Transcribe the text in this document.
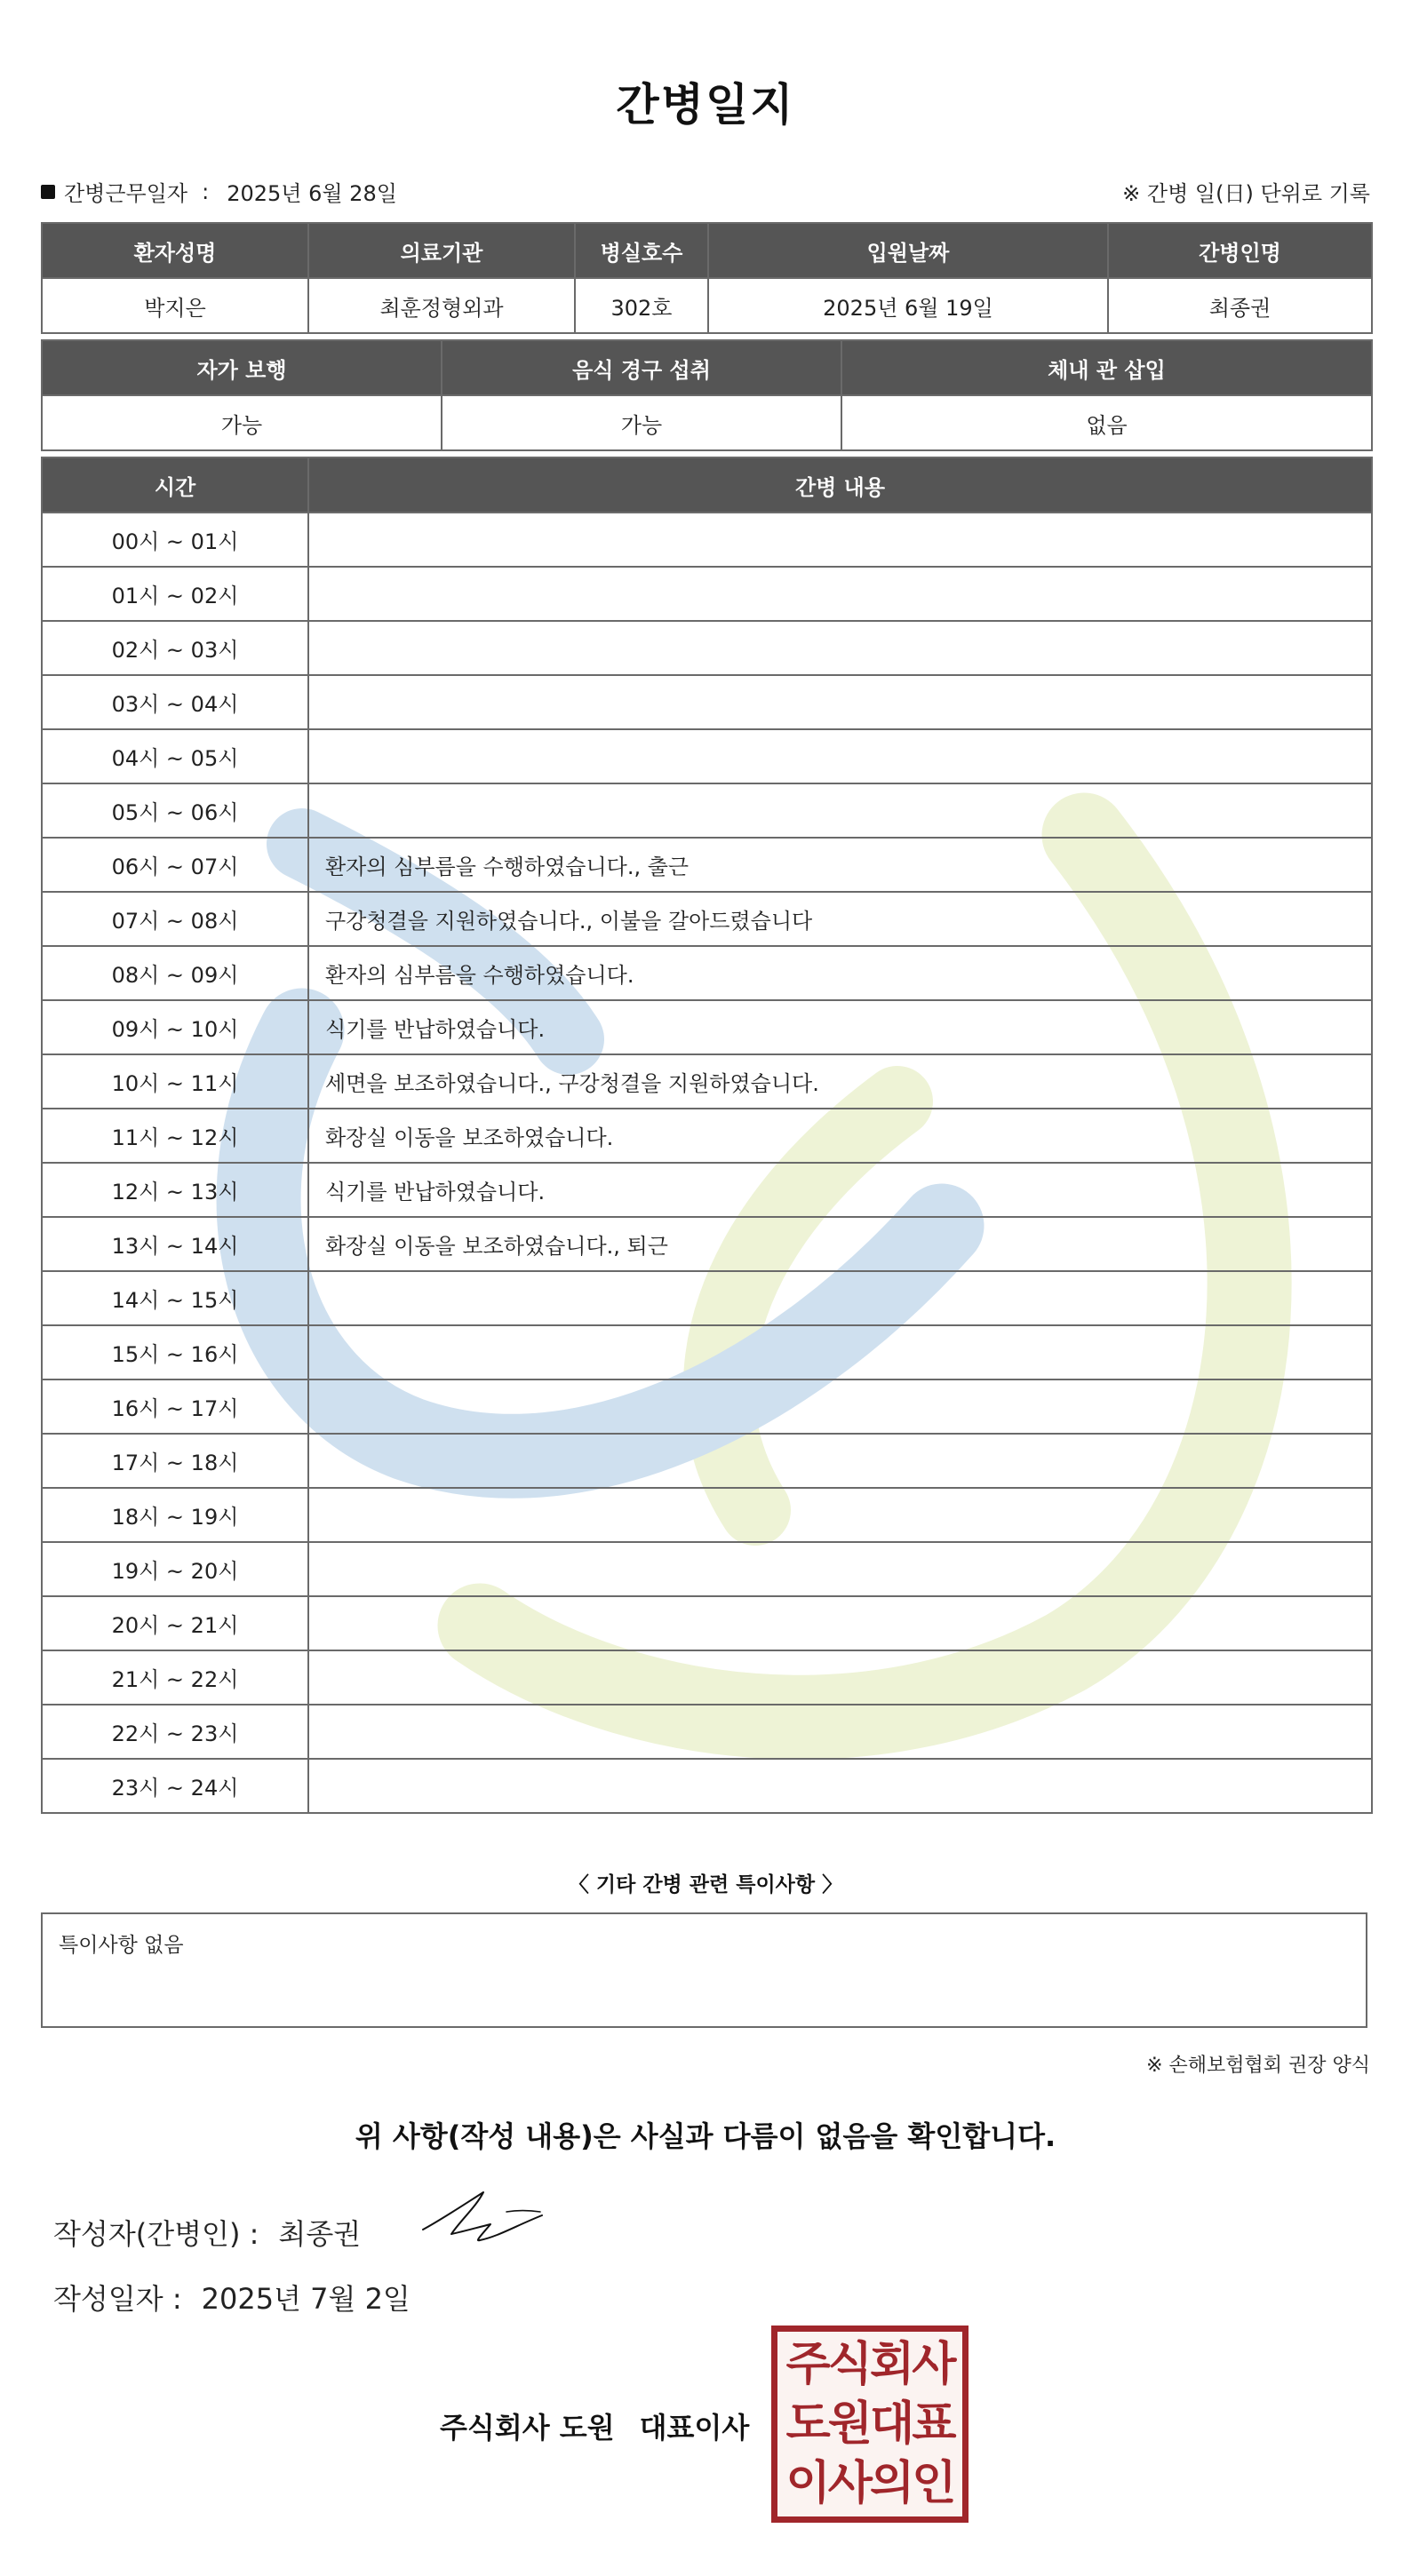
간병일지
간병근무일자 : 2025년 6월 28일	※ 간병 일(日) 단위로 기록
환자성명	의료기관	병실호수	입원날짜	간병인명
박지은	최훈정형외과	302호	2025년 6월 19일	최종권
자가 보행	음식 경구 섭취	체내 관 삽입
가능	가능	없음
시간	간병 내용
00시 ~ 01시	
01시 ~ 02시	
02시 ~ 03시	
03시 ~ 04시	
04시 ~ 05시	
05시 ~ 06시	
06시 ~ 07시	환자의 심부름을 수행하였습니다., 출근
07시 ~ 08시	구강청결을 지원하였습니다., 이불을 갈아드렸습니다
08시 ~ 09시	환자의 심부름을 수행하였습니다.
09시 ~ 10시	식기를 반납하였습니다.
10시 ~ 11시	세면을 보조하였습니다., 구강청결을 지원하였습니다.
11시 ~ 12시	화장실 이동을 보조하였습니다.
12시 ~ 13시	식기를 반납하였습니다.
13시 ~ 14시	화장실 이동을 보조하였습니다., 퇴근
14시 ~ 15시	
15시 ~ 16시	
16시 ~ 17시	
17시 ~ 18시	
18시 ~ 19시	
19시 ~ 20시	
20시 ~ 21시	
21시 ~ 22시	
22시 ~ 23시	
23시 ~ 24시	
〈 기타 간병 관련 특이사항 〉
특이사항 없음
※ 손해보험협회 권장 양식
위 사항(작성 내용)은 사실과 다름이 없음을 확인합니다.
작성자(간병인) : 최종권
작성일자 : 2025년 7월 2일
주식회사 도원 대표이사
주식회사
도원대표
이사의인
